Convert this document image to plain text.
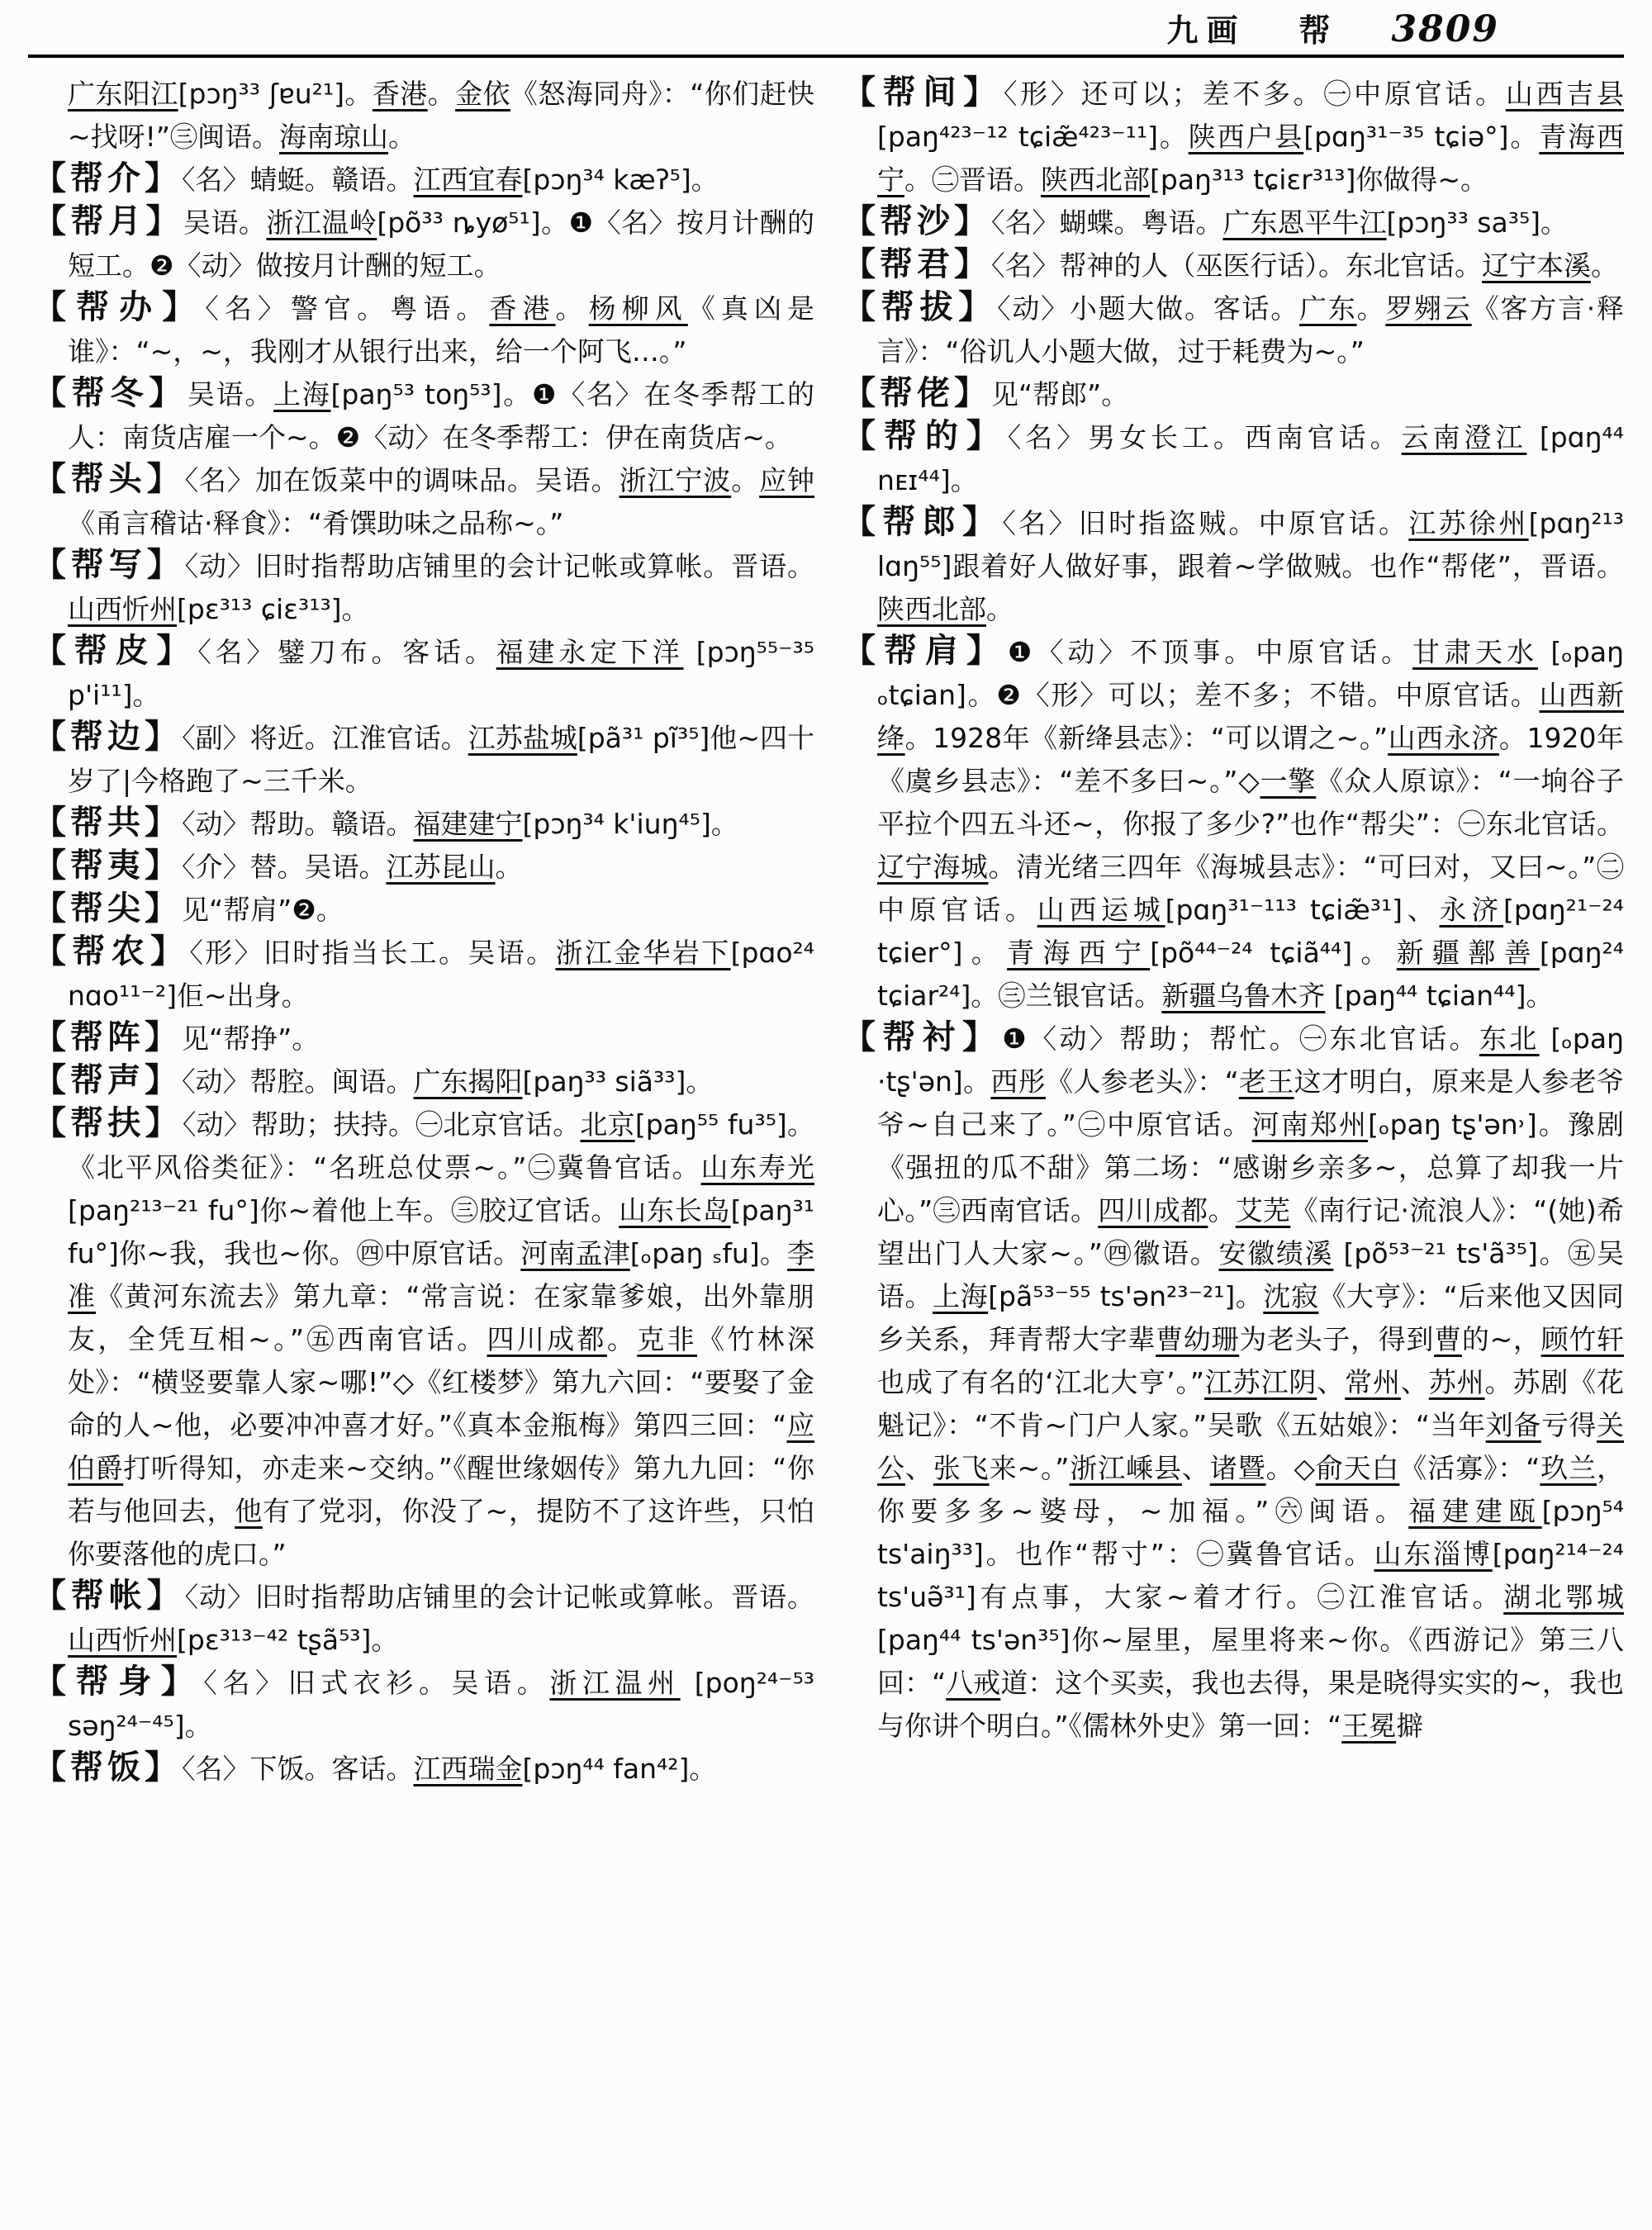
九画 帮 3809

广东阳江[pɔŋ³³ ʃɐu²¹]。香港。金依《怒海同舟》：“你们赶快~找呀!”㊂闽语。海南琼山。

【帮介】〈名〉蜻蜓。赣语。江西宜春[pɔŋ³⁴ kæʔ⁵]。

【帮月】吴语。浙江温岭[põ³³ ȵyø⁵¹]。❶〈名〉按月计酬的短工。❷〈动〉做按月计酬的短工。

【帮办】〈名〉警官。粤语。香港。杨柳风《真凶是谁》：“~，~，我刚才从银行出来，给一个阿飞…。”

【帮冬】吴语。上海[paŋ⁵³ toŋ⁵³]。❶〈名〉在冬季帮工的人：南货店雇一个~。❷〈动〉在冬季帮工：伊在南货店~。

【帮头】〈名〉加在饭菜中的调味品。吴语。浙江宁波。应钟《甬言稽诂·释食》：“肴馔助味之品称~。”

【帮写】〈动〉旧时指帮助店铺里的会计记帐或算帐。晋语。山西忻州[pɛ³¹³ ɕiɛ³¹³]。

【帮皮】〈名〉鐾刀布。客话。福建永定下洋 [pɔŋ⁵⁵⁻³⁵ p'i¹¹]。

【帮边】〈副〉将近。江淮官话。江苏盐城[pã³¹ pĩ³⁵]他~四十岁了|今格跑了~三千米。

【帮共】〈动〉帮助。赣语。福建建宁[pɔŋ³⁴ k'iuŋ⁴⁵]。

【帮夷】〈介〉替。吴语。江苏昆山。

【帮尖】见“帮肩”❷。

【帮农】〈形〉旧时指当长工。吴语。浙江金华岩下[pɑo²⁴ nɑo¹¹⁻²]佢~出身。

【帮阵】见“帮挣”。

【帮声】〈动〉帮腔。闽语。广东揭阳[paŋ³³ siã³³]。

【帮扶】〈动〉帮助；扶持。㊀北京官话。北京[paŋ⁵⁵ fu³⁵]。《北平风俗类征》：“名班总仗票~。”㊁冀鲁官话。山东寿光[paŋ²¹³⁻²¹ fu°]你~着他上车。㊂胶辽官话。山东长岛[paŋ³¹ fu°]你~我，我也~你。㊃中原官话。河南孟津[ₒpaŋ ₛfu]。李准《黄河东流去》第九章：“常言说：在家靠爹娘，出外靠朋友，全凭互相~。”㊄西南官话。四川成都。克非《竹林深处》：“横竖要靠人家~哪!”◇《红楼梦》第九六回：“要娶了金命的人~他，必要冲冲喜才好。”《真本金瓶梅》第四三回：“应伯爵打听得知，亦走来~交纳。”《醒世缘姻传》第九九回：“你若与他回去，他有了党羽，你没了~，提防不了这许些，只怕你要落他的虎口。”

【帮帐】〈动〉旧时指帮助店铺里的会计记帐或算帐。晋语。山西忻州[pɛ³¹³⁻⁴² tʂã⁵³]。

【帮身】〈名〉旧式衣衫。吴语。浙江温州 [poŋ²⁴⁻⁵³ səŋ²⁴⁻⁴⁵]。

【帮饭】〈名〉下饭。客话。江西瑞金[pɔŋ⁴⁴ fan⁴²]。

【帮间】〈形〉还可以；差不多。㊀中原官话。山西吉县[paŋ⁴²³⁻¹² tɕiæ̃⁴²³⁻¹¹]。陕西户县[pɑŋ³¹⁻³⁵ tɕiə°]。青海西宁。㊁晋语。陕西北部[paŋ³¹³ tɕiɛr³¹³]你做得~。

【帮沙】〈名〉蝴蝶。粤语。广东恩平牛江[pɔŋ³³ sa³⁵]。

【帮君】〈名〉帮神的人（巫医行话）。东北官话。辽宁本溪。

【帮拔】〈动〉小题大做。客话。广东。罗翙云《客方言·释言》：“俗讥人小题大做，过于耗费为~。”

【帮佬】见“帮郎”。

【帮的】〈名〉男女长工。西南官话。云南澄江 [pɑŋ⁴⁴ nᴇɪ⁴⁴]。

【帮郎】〈名〉旧时指盗贼。中原官话。江苏徐州[pɑŋ²¹³ lɑŋ⁵⁵]跟着好人做好事，跟着~学做贼。也作“帮佬”，晋语。陕西北部。

【帮肩】❶〈动〉不顶事。中原官话。甘肃天水 [ₒpaŋ ₒtɕian]。❷〈形〉可以；差不多；不错。中原官话。山西新绛。1928年《新绛县志》：“可以谓之~。”山西永济。1920年《虞乡县志》：“差不多曰~。”◇一擎《众人原谅》：“一垧谷子平拉个四五斗还~，你报了多少?”也作“帮尖”：㊀东北官话。辽宁海城。清光绪三四年《海城县志》：“可曰对，又曰~。”㊁中原官话。山西运城[pɑŋ³¹⁻¹¹³ tɕiæ̃³¹]、永济[pɑŋ²¹⁻²⁴ tɕier°]。青海西宁[põ⁴⁴⁻²⁴ tɕiã⁴⁴]。新疆鄯善[pɑŋ²⁴ tɕiar²⁴]。㊂兰银官话。新疆乌鲁木齐 [paŋ⁴⁴ tɕian⁴⁴]。

【帮衬】❶〈动〉帮助；帮忙。㊀东北官话。东北 [ₒpaŋ ·tʂ'ən]。西彤《人参老头》：“老王这才明白，原来是人参老爷爷~自己来了。”㊁中原官话。河南郑州[ₒpaŋ tʂ'ən˒]。豫剧《强扭的瓜不甜》第二场：“感谢乡亲多~，总算了却我一片心。”㊂西南官话。四川成都。艾芜《南行记·流浪人》：“(她)希望出门人大家~。”㊃徽语。安徽绩溪 [põ⁵³⁻²¹ ts'ã³⁵]。㊄吴语。上海[pã⁵³⁻⁵⁵ ts'ən²³⁻²¹]。沈寂《大亨》：“后来他又因同乡关系，拜青帮大字辈曹幼珊为老头子，得到曹的~，顾竹轩也成了有名的‘江北大亨’。”江苏江阴、常州、苏州。苏剧《花魁记》：“不肯~门户人家。”吴歌《五姑娘》：“当年刘备亏得关公、张飞来~。”浙江嵊县、诸暨。◇俞天白《活寡》：“玖兰，你要多多~婆母，~加福。”㊅闽语。福建建瓯[pɔŋ⁵⁴ ts'aiŋ³³]。也作“帮寸”：㊀冀鲁官话。山东淄博[pɑŋ²¹⁴⁻²⁴ ts'uə̃³¹]有点事，大家~着才行。㊁江淮官话。湖北鄂城 [paŋ⁴⁴ ts'ən³⁵]你~屋里，屋里将来~你。《西游记》第三八回：“八戒道：这个买卖，我也去得，果是晓得实实的~，我也与你讲个明白。”《儒林外史》第一回：“王冕擗
